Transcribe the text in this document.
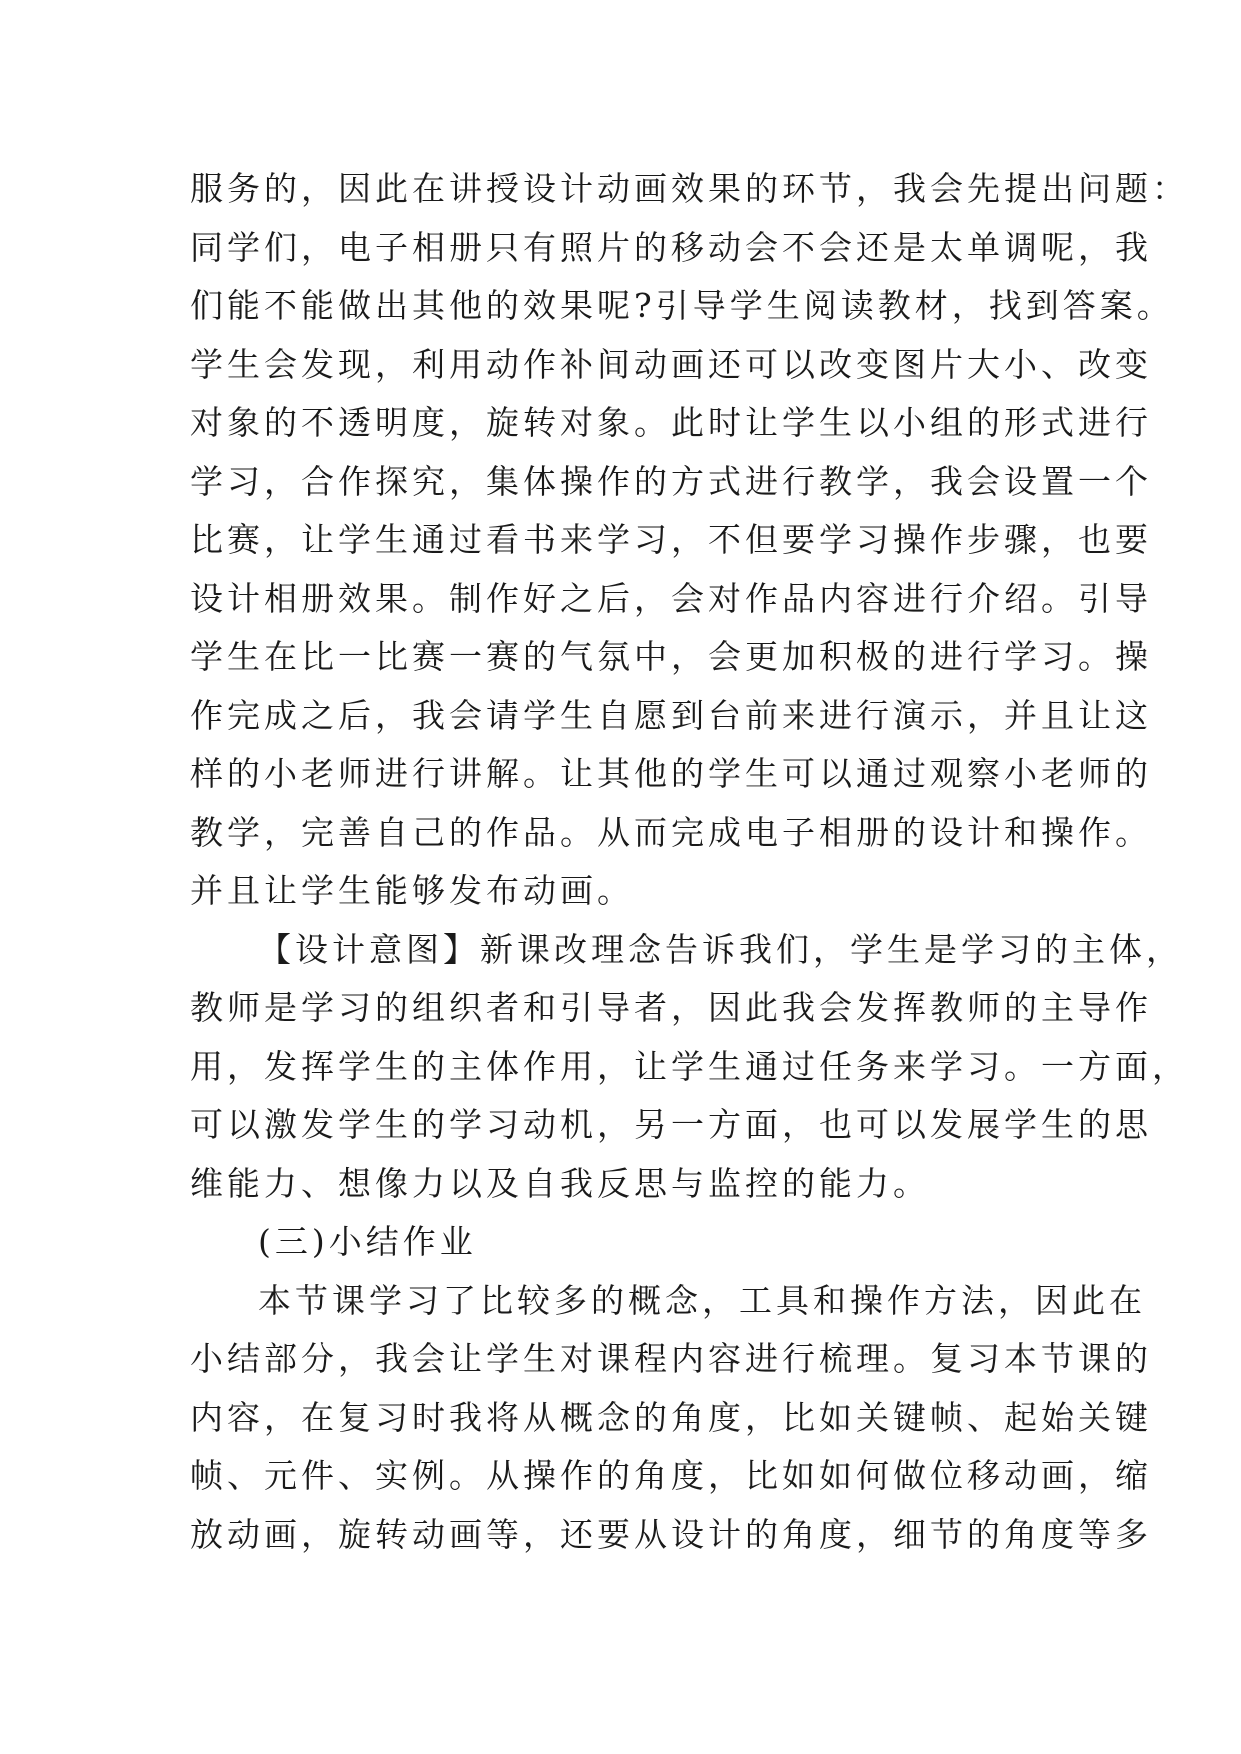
服务的，因此在讲授设计动画效果的环节，我会先提出问题：
同学们，电子相册只有照片的移动会不会还是太单调呢，我
们能不能做出其他的效果呢?引导学生阅读教材，找到答案。
学生会发现，利用动作补间动画还可以改变图片大小、改变
对象的不透明度，旋转对象。此时让学生以小组的形式进行
学习，合作探究，集体操作的方式进行教学，我会设置一个
比赛，让学生通过看书来学习，不但要学习操作步骤，也要
设计相册效果。制作好之后，会对作品内容进行介绍。引导
学生在比一比赛一赛的气氛中，会更加积极的进行学习。操
作完成之后，我会请学生自愿到台前来进行演示，并且让这
样的小老师进行讲解。让其他的学生可以通过观察小老师的
教学，完善自己的作品。从而完成电子相册的设计和操作。
并且让学生能够发布动画。
【设计意图】新课改理念告诉我们，学生是学习的主体，
教师是学习的组织者和引导者，因此我会发挥教师的主导作
用，发挥学生的主体作用，让学生通过任务来学习。一方面，
可以激发学生的学习动机，另一方面，也可以发展学生的思
维能力、想像力以及自我反思与监控的能力。
(三)小结作业
本节课学习了比较多的概念，工具和操作方法，因此在
小结部分，我会让学生对课程内容进行梳理。复习本节课的
内容，在复习时我将从概念的角度，比如关键帧、起始关键
帧、元件、实例。从操作的角度，比如如何做位移动画，缩
放动画，旋转动画等，还要从设计的角度，细节的角度等多
